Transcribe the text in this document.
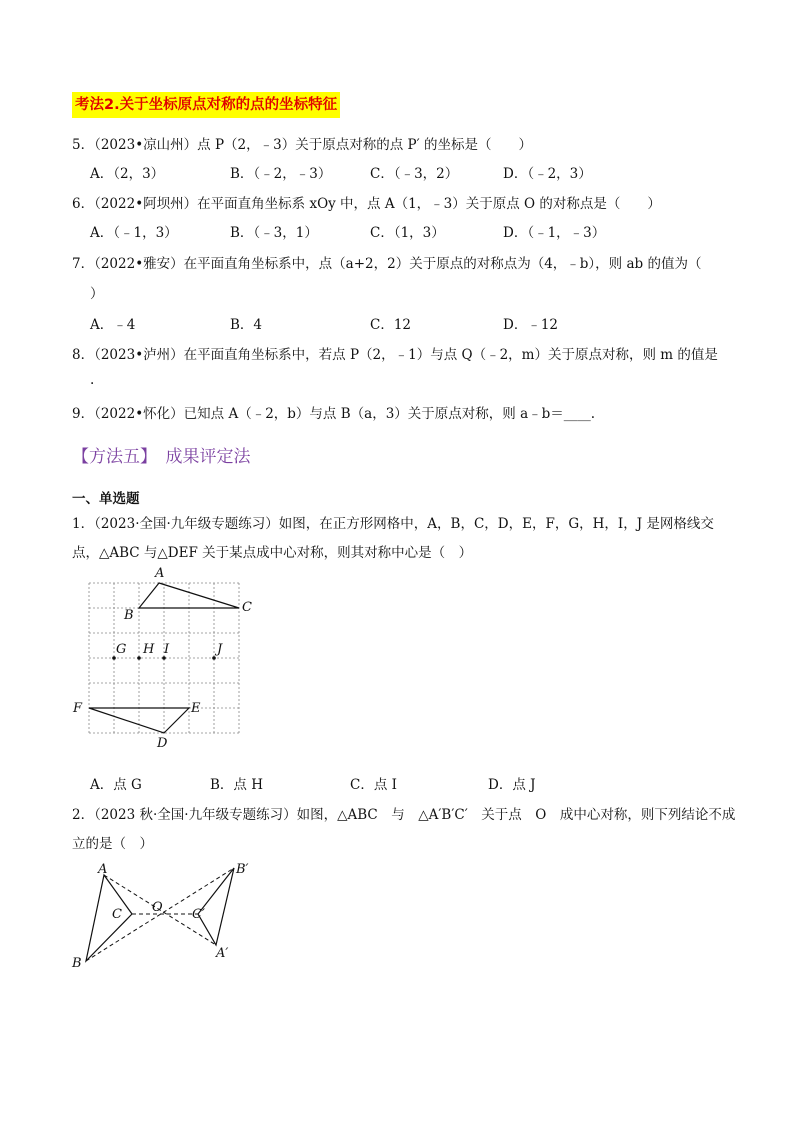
考法2.关于坐标原点对称的点的坐标特征
5．（2023•凉山州）点 P（2，﹣3）关于原点对称的点 P′ 的坐标是（　　）
A．（2，3）	B．（﹣2，﹣3）	C．（﹣3，2）	D．（﹣2，3）
6．（2022•阿坝州）在平面直角坐标系 xOy 中，点 A（1，﹣3）关于原点 O 的对称点是（　　）
A．（﹣1，3）	B．（﹣3，1）	C．（1，3）	D．（﹣1，﹣3）
7．（2022•雅安）在平面直角坐标系中，点（a+2，2）关于原点的对称点为（4，﹣b），则 ab 的值为（
）
A．﹣4	B．4	C．12	D．﹣12
8．（2023•泸州）在平面直角坐标系中，若点 P（2，﹣1）与点 Q（﹣2，m）关于原点对称，则 m 的值是
.
9．（2022•怀化）已知点 A（﹣2，b）与点 B（a，3）关于原点对称，则 a﹣b＝____.
【方法五】　成果评定法
一、单选题
1．（2023·全国·九年级专题练习）如图，在正方形网格中，A，B，C，D，E，F，G，H，I，J 是网格线交
点，△ABC 与△DEF 关于某点成中心对称，则其对称中心是（　）
A
B
C
G H I	J
F	E
D
A．点 G	B．点 H	C．点 I	D．点 J
2．（2023 秋·全国·九年级专题练习）如图，△ABC　与　△A′B′C′　关于点　O　成中心对称，则下列结论不成
立的是（　）
A
B
C O
B′
A′
C′
